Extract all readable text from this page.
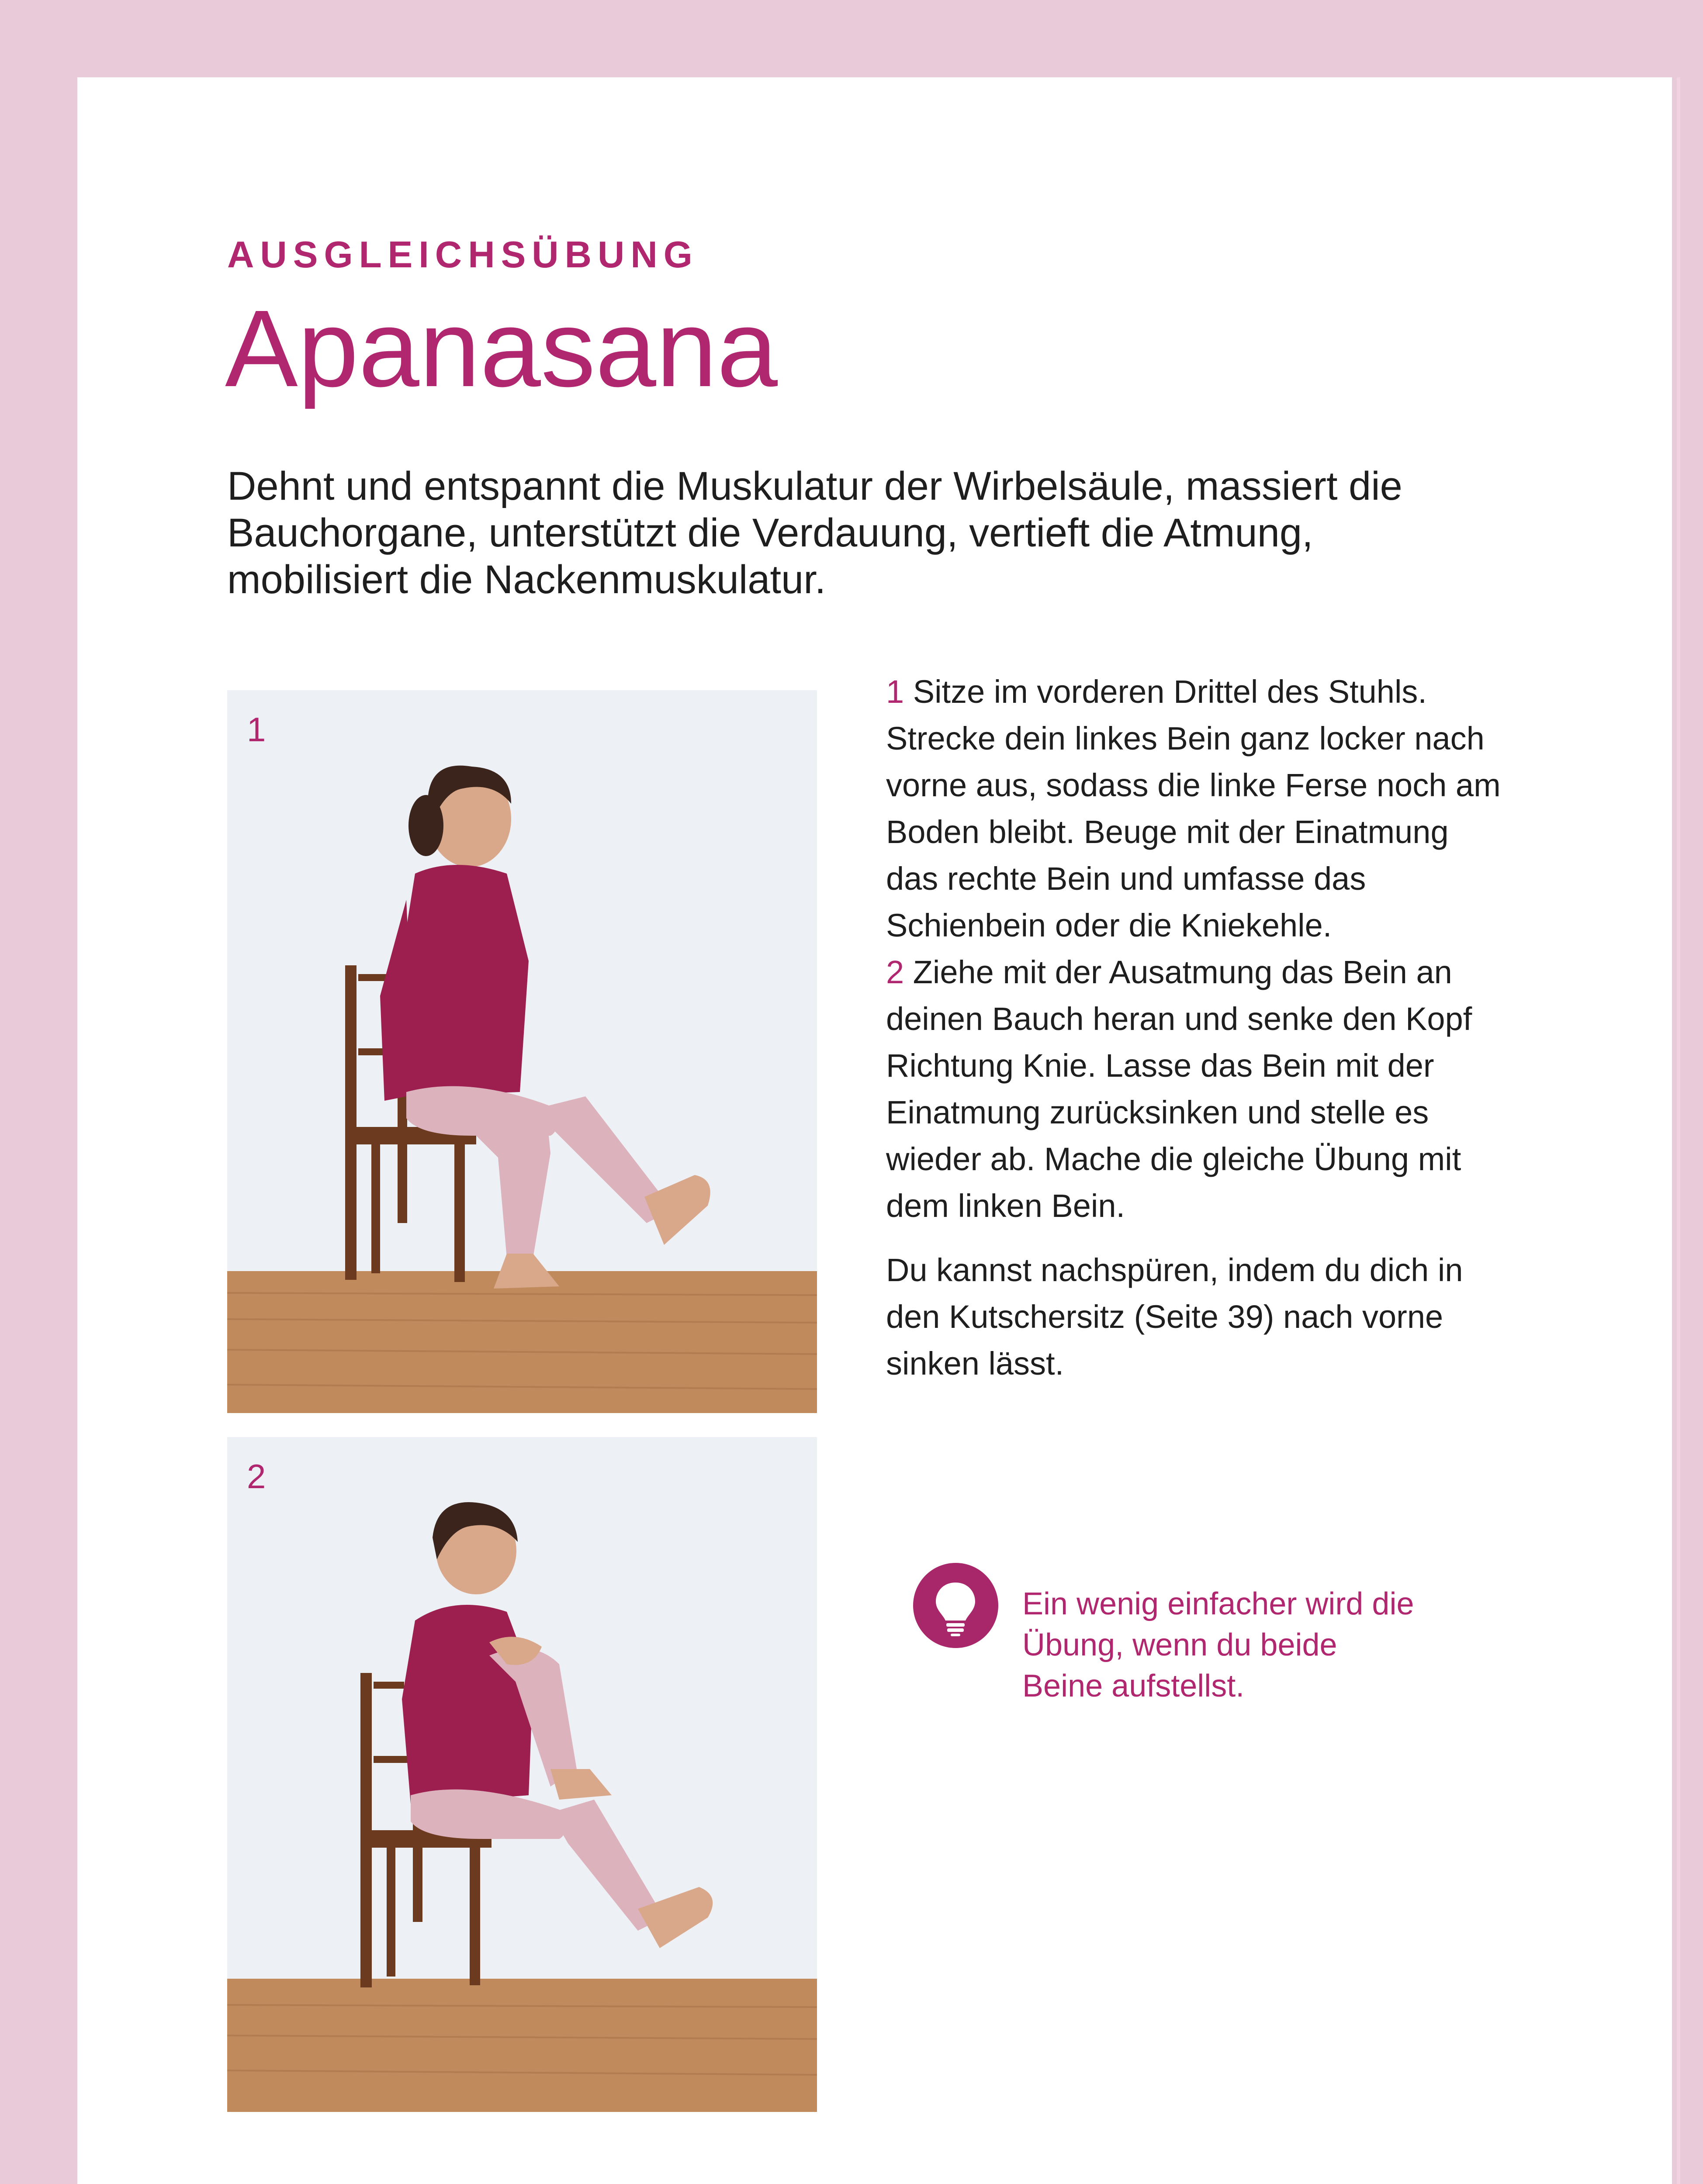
AUSGLEICHSÜBUNG
Apanasana

Dehnt und entspannt die Muskulatur der Wirbelsäule, massiert die Bauchorgane, unterstützt die Verdauung, vertieft die Atmung, mobilisiert die Nackenmuskulatur.

1
2
1 Sitze im vorderen Drittel des Stuhls. Strecke dein linkes Bein ganz locker nach vorne aus, sodass die linke Ferse noch am Boden bleibt. Beuge mit der Einatmung das rechte Bein und umfasse das Schienbein oder die Kniekehle.

2 Ziehe mit der Ausatmung das Bein an deinen Bauch heran und senke den Kopf Richtung Knie. Lasse das Bein mit der Einatmung zurücksinken und stelle es wieder ab. Mache die gleiche Übung mit dem linken Bein.

Du kannst nachspüren, indem du dich in den Kutschersitz (Seite 39) nach vorne sinken lässt.

Ein wenig einfacher wird die Übung, wenn du beide Beine aufstellst.
